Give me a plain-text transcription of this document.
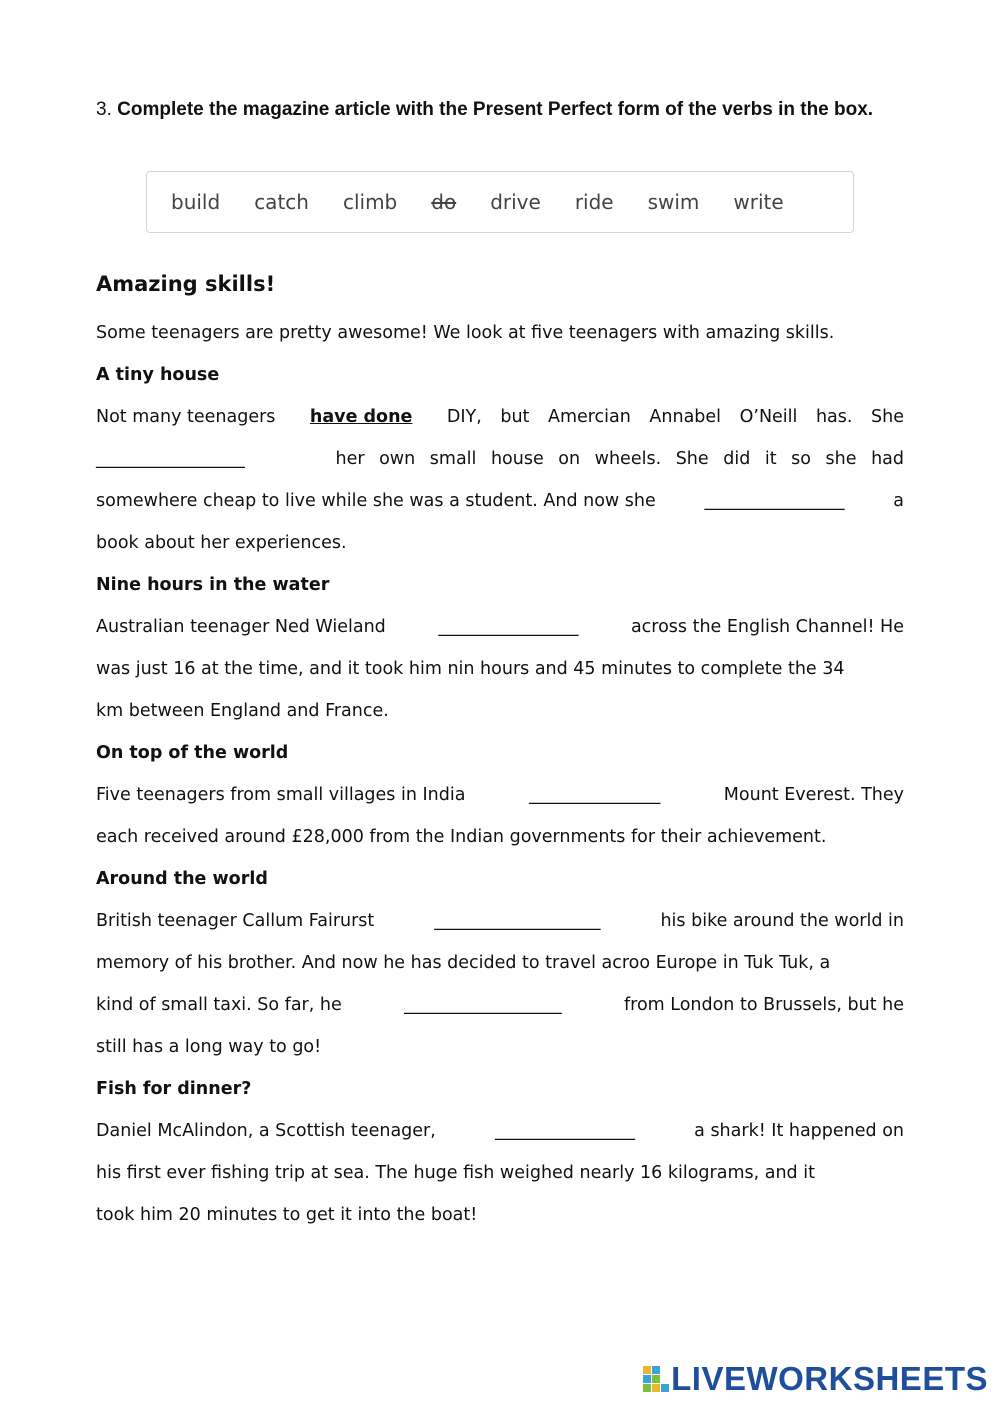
3. Complete the magazine article with the Present Perfect form of the verbs in the box.
build catch climb do drive ride swim write
Amazing skills!
Some teenagers are pretty awesome! We look at five teenagers with amazing skills.
A tiny house
Not many teenagers have done DIY, but Amercian Annabel O’Neill has. She
_________________	her own small house on wheels. She did it so she had
somewhere cheap to live while she was a student. And now she	________________	a
book about her experiences.
Nine hours in the water
Australian teenager Ned Wieland	________________	across the English Channel! He
was just 16 at the time, and it took him nin hours and 45 minutes to complete the 34
km between England and France.
On top of the world
Five teenagers from small villages in India	_______________	Mount Everest. They
each received around £28,000 from the Indian governments for their achievement.
Around the world
British teenager Callum Fairurst	___________________	his bike around the world in
memory of his brother. And now he has decided to travel acroo Europe in Tuk Tuk, a
kind of small taxi. So far, he	__________________	from London to Brussels, but he
still has a long way to go!
Fish for dinner?
Daniel McAlindon, a Scottish teenager,	________________	a shark! It happened on
his first ever fishing trip at sea. The huge fish weighed nearly 16 kilograms, and it
took him 20 minutes to get it into the boat!
LIVEWORKSHEETS
